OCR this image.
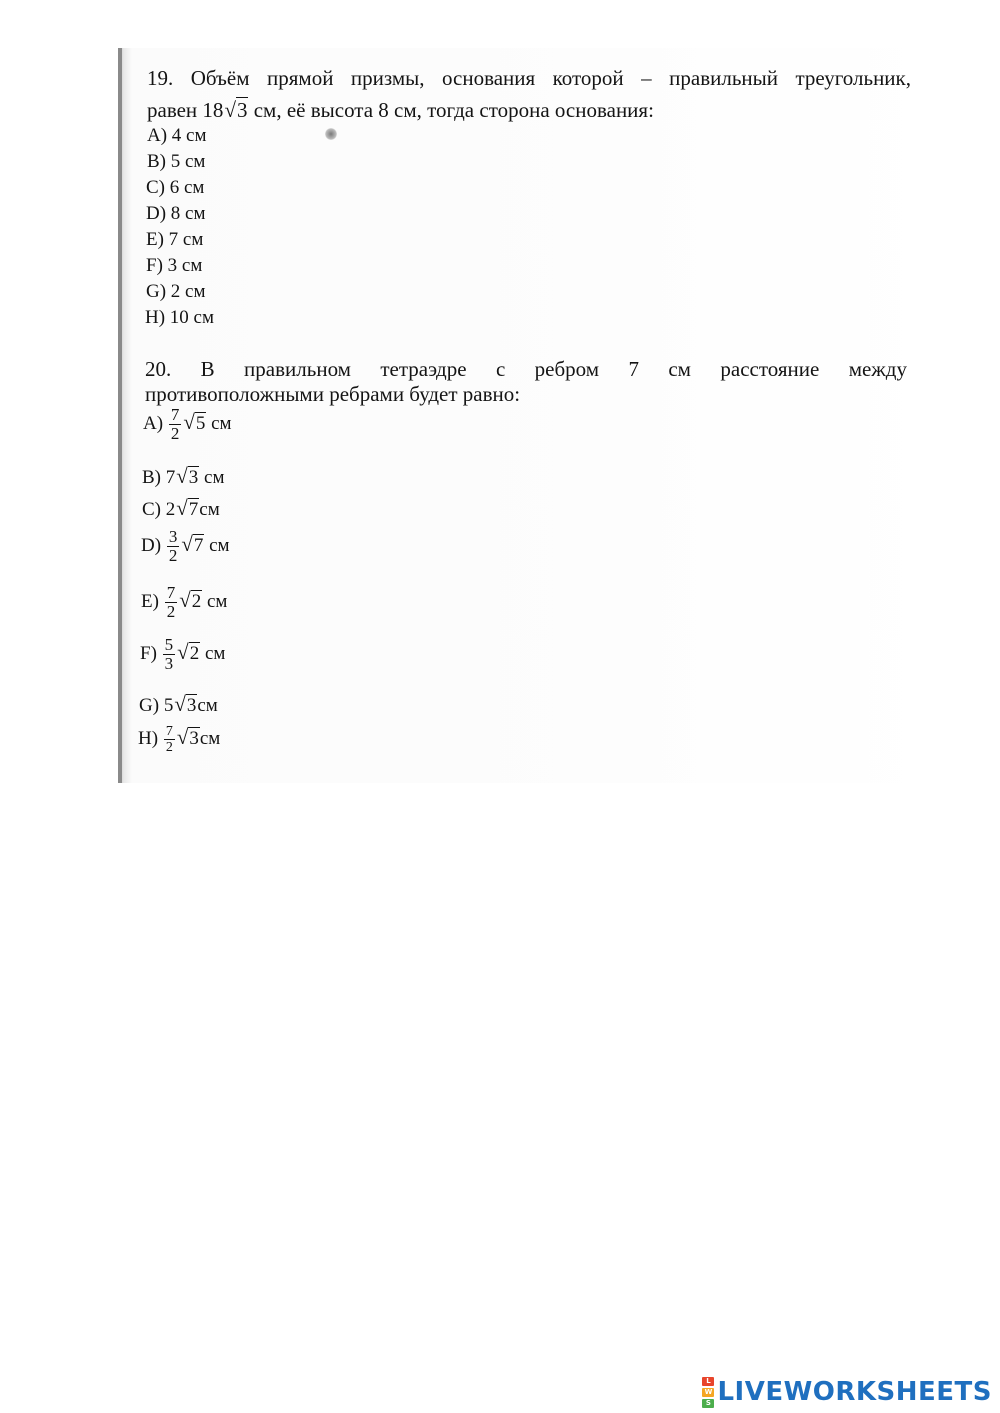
19. Объём прямой призмы, основания которой – правильный треугольник,
равен 18√3 см, её высота 8 см, тогда сторона основания:
A) 4 см
B) 5 см
C) 6 см
D) 8 см
E) 7 см
F) 3 см
G) 2 см
H) 10 см
20. В правильном тетраэдре с ребром 7 см расстояние между
противоположными ребрами будет равно:
$A) \frac{7}{2} √5$ см
B) 7√3 см
C) 2√7см
$D) \frac{3}{2} √7$ см
$E) \frac{7}{2} √2$ см
$F) \frac{5}{3} √2$ см
G) 5√3см
$H) \frac{7}{2} √3см$
L
W
S LIVEWORKSHEETS
